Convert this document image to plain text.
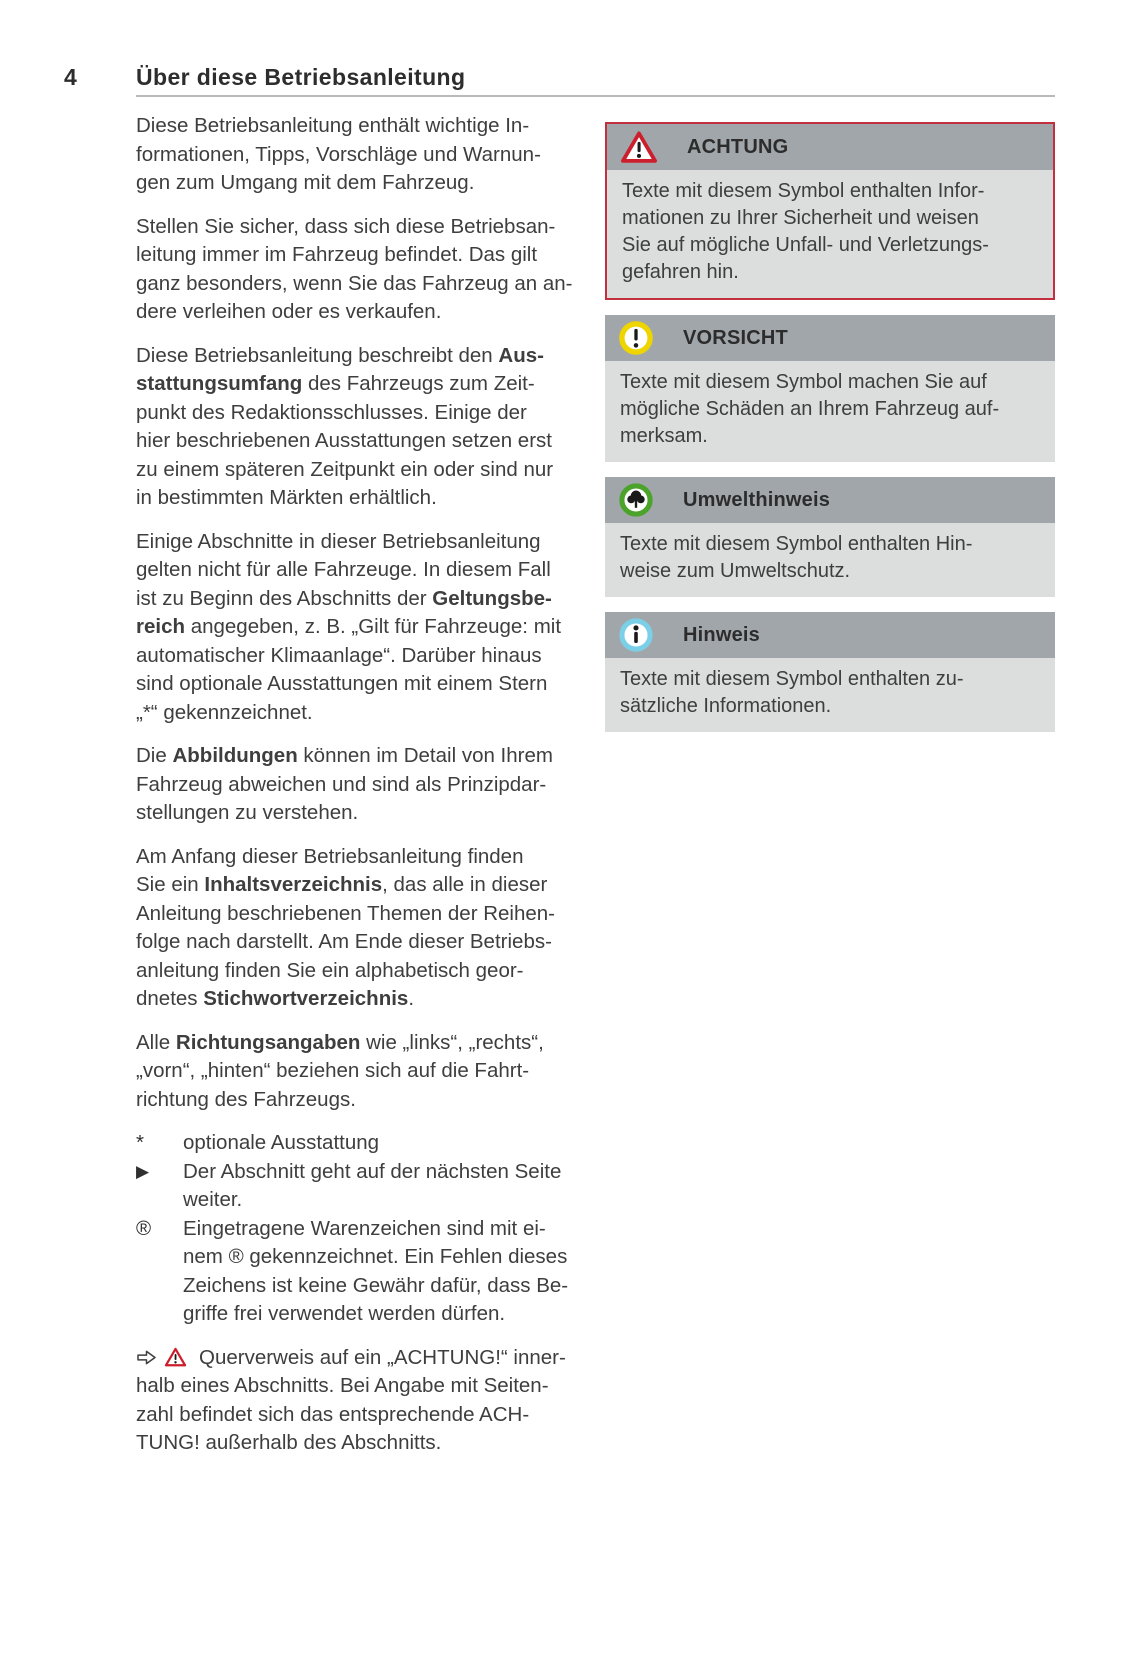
4	Über diese Betriebsanleitung
Diese Betriebsanleitung enthält wichtige In-
formationen, Tipps, Vorschläge und Warnun-
gen zum Umgang mit dem Fahrzeug.
Stellen Sie sicher, dass sich diese Betriebsan-
leitung immer im Fahrzeug befindet. Das gilt
ganz besonders, wenn Sie das Fahrzeug an an-
dere verleihen oder es verkaufen.
Diese Betriebsanleitung beschreibt den Aus-
stattungsumfang des Fahrzeugs zum Zeit-
punkt des Redaktionsschlusses. Einige der
hier beschriebenen Ausstattungen setzen erst
zu einem späteren Zeitpunkt ein oder sind nur
in bestimmten Märkten erhältlich.
Einige Abschnitte in dieser Betriebsanleitung
gelten nicht für alle Fahrzeuge. In diesem Fall
ist zu Beginn des Abschnitts der Geltungsbe-
reich angegeben, z. B. „Gilt für Fahrzeuge: mit
automatischer Klimaanlage“. Darüber hinaus
sind optionale Ausstattungen mit einem Stern
„*“ gekennzeichnet.
Die Abbildungen können im Detail von Ihrem
Fahrzeug abweichen und sind als Prinzipdar-
stellungen zu verstehen.
Am Anfang dieser Betriebsanleitung finden
Sie ein Inhaltsverzeichnis, das alle in dieser
Anleitung beschriebenen Themen der Reihen-
folge nach darstellt. Am Ende dieser Betriebs-
anleitung finden Sie ein alphabetisch geor-
dnetes Stichwortverzeichnis.
Alle Richtungsangaben wie „links“, „rechts“,
„vorn“, „hinten“ beziehen sich auf die Fahrt-
richtung des Fahrzeugs.
*	optionale Ausstattung
▶	Der Abschnitt geht auf der nächsten Seite
weiter.
®	Eingetragene Warenzeichen sind mit ei-
nem ® gekennzeichnet. Ein Fehlen dieses
Zeichens ist keine Gewähr dafür, dass Be-
griffe frei verwendet werden dürfen.
Querverweis auf ein „ACHTUNG!“ inner-
halb eines Abschnitts. Bei Angabe mit Seiten-
zahl befindet sich das entsprechende ACH-
TUNG! außerhalb des Abschnitts.
ACHTUNG
Texte mit diesem Symbol enthalten Infor-
mationen zu Ihrer Sicherheit und weisen
Sie auf mögliche Unfall- und Verletzungs-
gefahren hin.
VORSICHT
Texte mit diesem Symbol machen Sie auf
mögliche Schäden an Ihrem Fahrzeug auf-
merksam.
Umwelthinweis
Texte mit diesem Symbol enthalten Hin-
weise zum Umweltschutz.
Hinweis
Texte mit diesem Symbol enthalten zu-
sätzliche Informationen.
